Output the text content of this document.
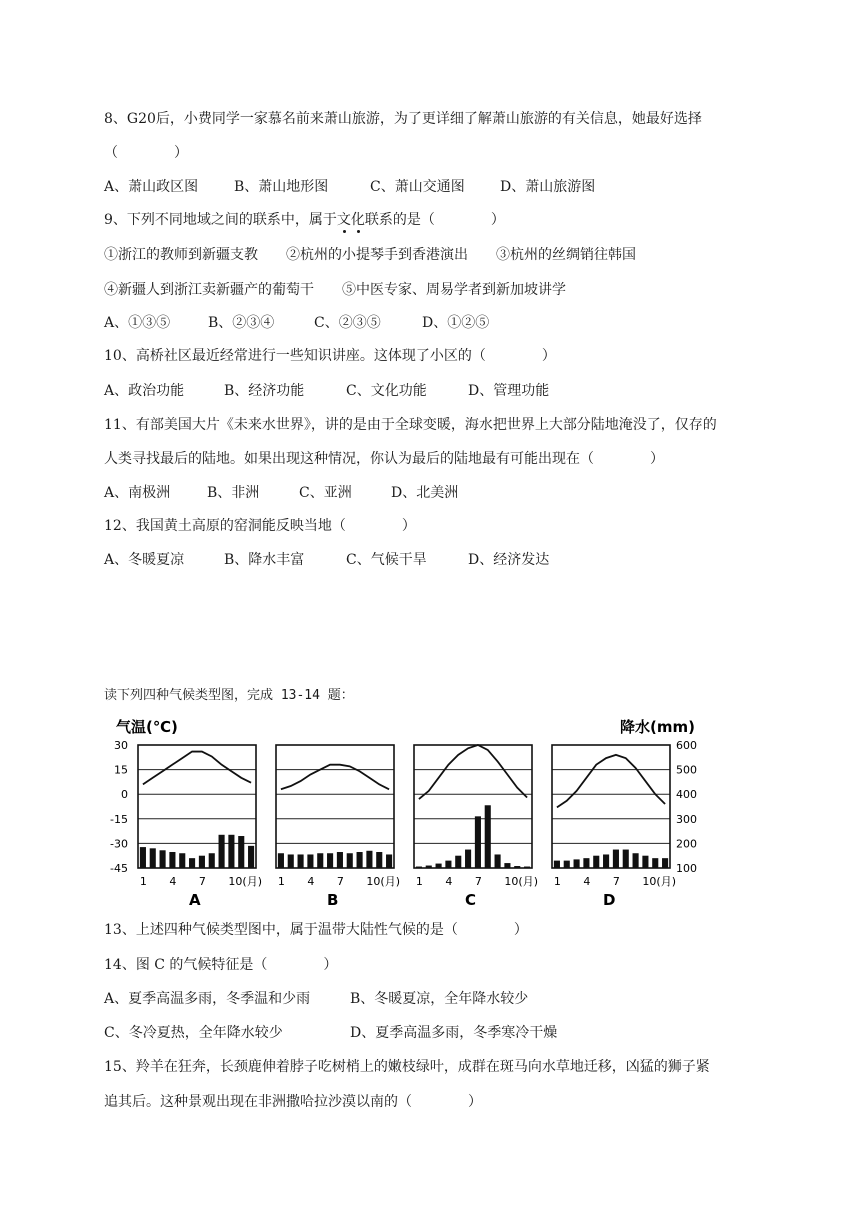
8、G20后，小费同学一家慕名前来萧山旅游，为了更详细了解萧山旅游的有关信息，她最好选择
（　　　　）
A、萧山政区图	B、萧山地形图	C、萧山交通图	D、萧山旅游图
9、下列不同地域之间的联系中，属于文化联系的是（　　　　）
①浙江的教师到新疆支教　　②杭州的小提琴手到香港演出　　③杭州的丝绸销往韩国
④新疆人到浙江卖新疆产的葡萄干　　⑤中医专家、周易学者到新加坡讲学
A、①③⑤	B、②③④	C、②③⑤	D、①②⑤
10、高桥社区最近经常进行一些知识讲座。这体现了小区的（　　　　）
A、政治功能	B、经济功能	C、文化功能	D、管理功能
11、有部美国大片《未来水世界》，讲的是由于全球变暖，海水把世界上大部分陆地淹没了，仅存的
人类寻找最后的陆地。如果出现这种情况，你认为最后的陆地最有可能出现在（　　　　）
A、南极洲	B、非洲	C、亚洲	D、北美洲
12、我国黄土高原的窑洞能反映当地（　　　　）
A、冬暖夏凉	B、降水丰富	C、气候干旱	D、经济发达
读下列四种气候类型图，完成 13-14 题：
气温(℃)	降水(mm)
30
15
0
-15
-30
-45
600
500
400
300
200
100
1 4 7 10(月)
A
1 4 7 10(月)
B
1 4 7 10(月)
C
1 4 7 10(月)
D
13、上述四种气候类型图中，属于温带大陆性气候的是（　　　　）
14、图 C 的气候特征是（　　　　）
A、夏季高温多雨，冬季温和少雨	B、冬暖夏凉，全年降水较少
C、冬冷夏热，全年降水较少	D、夏季高温多雨，冬季寒冷干燥
15、羚羊在狂奔，长颈鹿伸着脖子吃树梢上的嫩枝绿叶，成群在斑马向水草地迁移，凶猛的狮子紧
追其后。这种景观出现在非洲撒哈拉沙漠以南的（　　　　）
